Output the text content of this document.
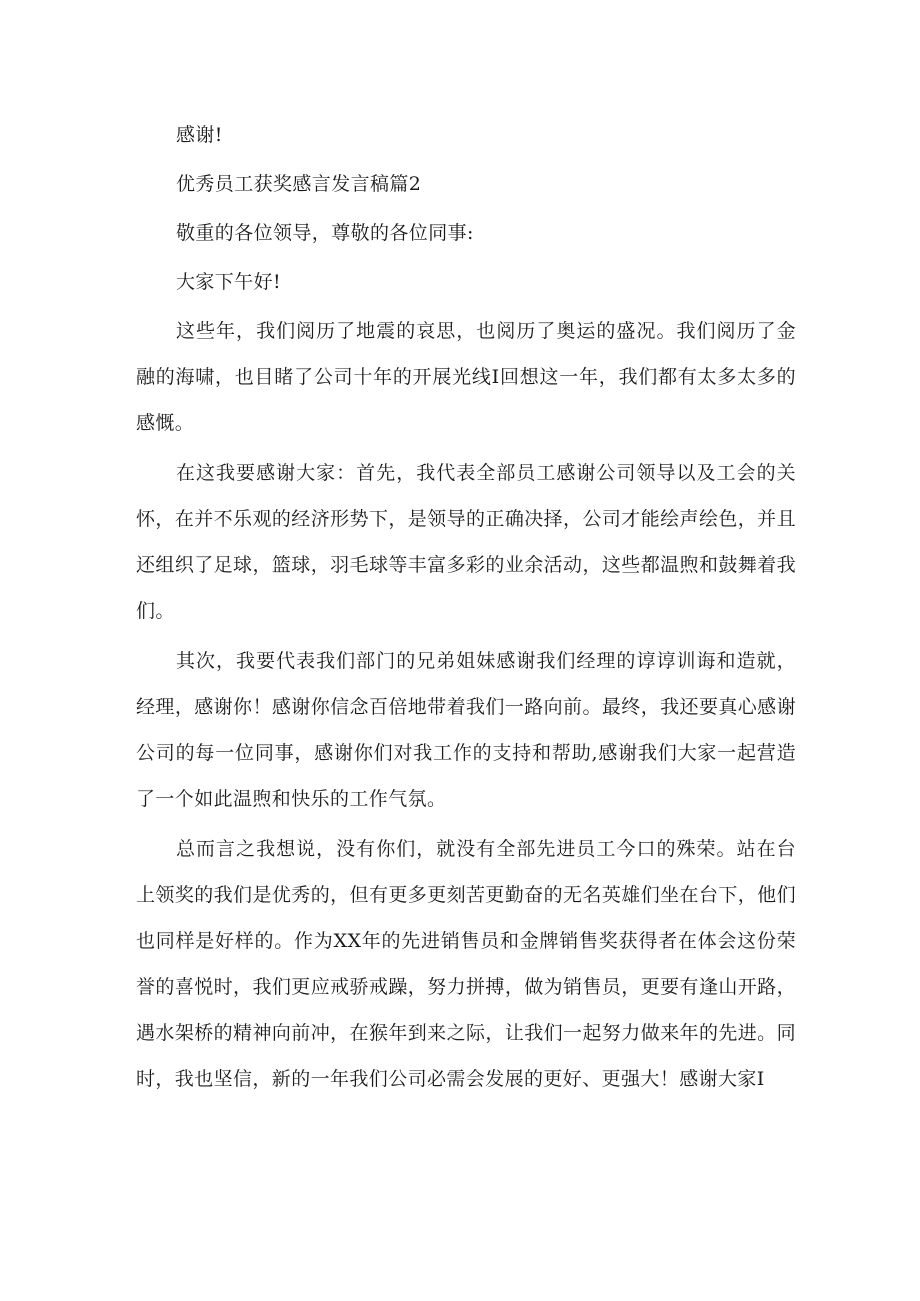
感谢!

优秀员工获奖感言发言稿篇2

敬重的各位领导，尊敬的各位同事:

大家下午好!

这些年，我们阅历了地震的哀思，也阅历了奥运的盛况。我们阅历了金融的海啸，也目睹了公司十年的开展光线I回想这一年，我们都有太多太多的感慨。

在这我要感谢大家：首先，我代表全部员工感谢公司领导以及工会的关怀，在并不乐观的经济形势下，是领导的正确决择，公司才能绘声绘色，并且还组织了足球，篮球，羽毛球等丰富多彩的业余活动，这些都温煦和鼓舞着我们。

其次，我要代表我们部门的兄弟姐妹感谢我们经理的谆谆训诲和造就，经理，感谢你！感谢你信念百倍地带着我们一路向前。最终，我还要真心感谢公司的每一位同事，感谢你们对我工作的支持和帮助,感谢我们大家一起营造了一个如此温煦和快乐的工作气氛。

总而言之我想说，没有你们，就没有全部先进员工今口的殊荣。站在台上领奖的我们是优秀的，但有更多更刻苦更勤奋的无名英雄们坐在台下，他们也同样是好样的。作为XX年的先进销售员和金牌销售奖获得者在体会这份荣誉的喜悦时，我们更应戒骄戒躁，努力拼搏，做为销售员，更要有逢山开路，遇水架桥的精神向前冲，在猴年到来之际，让我们一起努力做来年的先进。同时，我也坚信，新的一年我们公司必需会发展的更好、更强大！感谢大家I
